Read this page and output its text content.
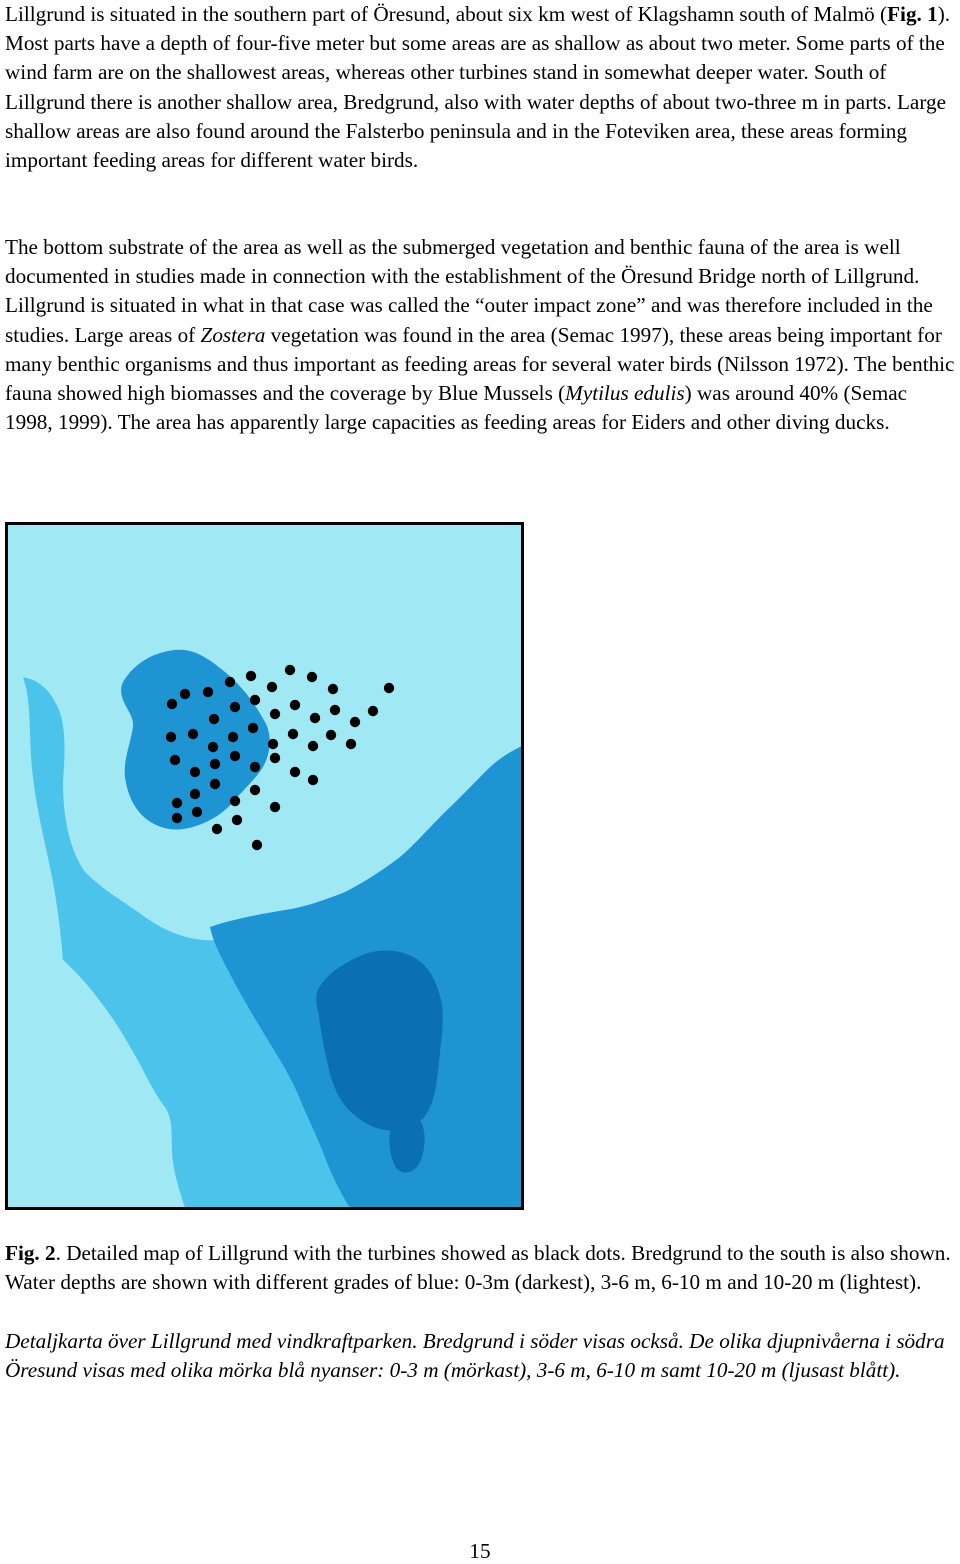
Lillgrund is situated in the southern part of Öresund, about six km west of Klagshamn south of Malmö (Fig. 1). Most parts have a depth of four-five meter but some areas are as shallow as about two meter. Some parts of the wind farm are on the shallowest areas, whereas other turbines stand in somewhat deeper water. South of Lillgrund there is another shallow area, Bredgrund, also with water depths of about two-three m in parts. Large shallow areas are also found around the Falsterbo peninsula and in the Foteviken area, these areas forming important feeding areas for different water birds.

The bottom substrate of the area as well as the submerged vegetation and benthic fauna of the area is well documented in studies made in connection with the establishment of the Öresund Bridge north of Lillgrund. Lillgrund is situated in what in that case was called the “outer impact zone” and was therefore included in the studies. Large areas of Zostera vegetation was found in the area (Semac 1997), these areas being important for many benthic organisms and thus important as feeding areas for several water birds (Nilsson 1972). The benthic fauna showed high biomasses and the coverage by Blue Mussels (Mytilus edulis) was around 40% (Semac 1998, 1999). The area has apparently large capacities as feeding areas for Eiders and other diving ducks.

Fig. 2. Detailed map of Lillgrund with the turbines showed as black dots. Bredgrund to the south is also shown. Water depths are shown with different grades of blue: 0-3m (darkest), 3-6 m, 6-10 m and 10-20 m (lightest).

Detaljkarta över Lillgrund med vindkraftparken. Bredgrund i söder visas också. De olika djupnivåerna i södra Öresund visas med olika mörka blå nyanser: 0-3 m (mörkast), 3-6 m, 6-10 m samt 10-20 m (ljusast blått).

15
